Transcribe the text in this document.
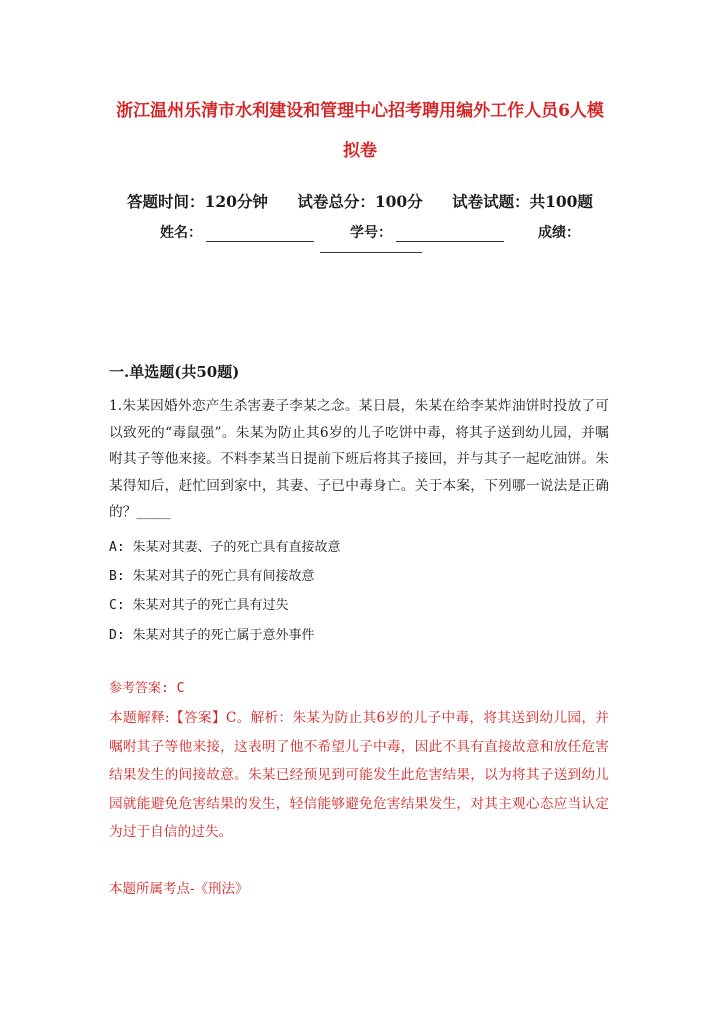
浙江温州乐清市水利建设和管理中心招考聘用编外工作人员6人模
拟卷
答题时间：120分钟 试卷总分：100分 试卷试题：共100题
姓名：	学号：	成绩：
一.单选题(共50题)
1.朱某因婚外恋产生杀害妻子李某之念。某日晨，朱某在给李某炸油饼时投放了可以致死的“毒鼠强”。朱某为防止其6岁的儿子吃饼中毒，将其子送到幼儿园，并嘱咐其子等他来接。不料李某当日提前下班后将其子接回，并与其子一起吃油饼。朱某得知后，赶忙回到家中，其妻、子已中毒身亡。关于本案，下列哪一说法是正确的？_____
A: 朱某对其妻、子的死亡具有直接故意
B: 朱某对其子的死亡具有间接故意
C: 朱某对其子的死亡具有过失
D: 朱某对其子的死亡属于意外事件
参考答案: C
本题解释:【答案】C。解析：朱某为防止其6岁的儿子中毒，将其送到幼儿园，并嘱咐其子等他来接，这表明了他不希望儿子中毒，因此不具有直接故意和放任危害结果发生的间接故意。朱某已经预见到可能发生此危害结果，以为将其子送到幼儿园就能避免危害结果的发生，轻信能够避免危害结果发生，对其主观心态应当认定为过于自信的过失。
本题所属考点-《刑法》
